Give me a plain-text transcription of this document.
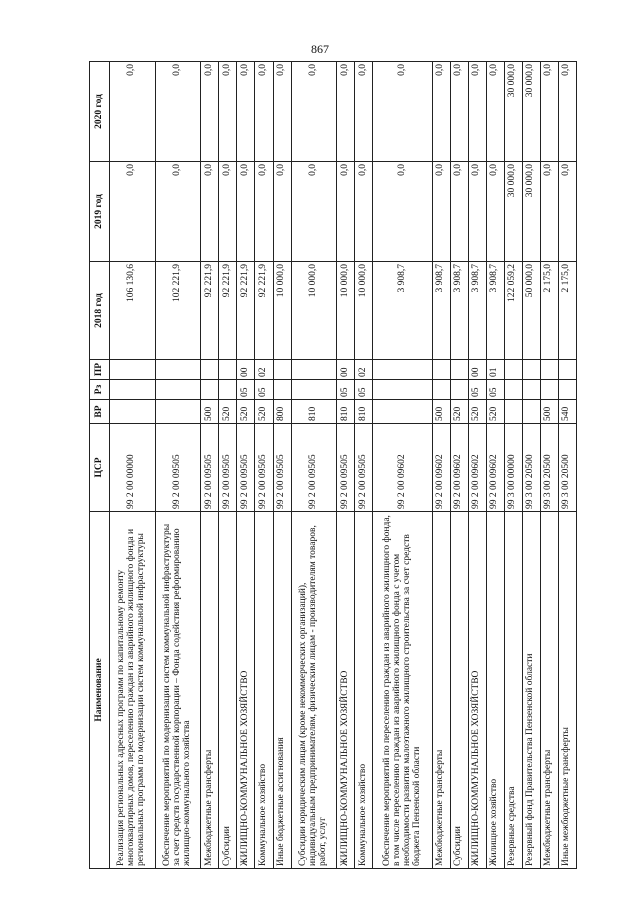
867
Наименование	ЦСР	ВР	Рз	ПР	2018 год	2019 год	2020 год
Реализация региональных адресных программ по капитальному ремонту многоквартирных домов, переселению граждан из аварийного жилищного фонда и региональных программ по модернизации систем коммунальной инфраструктуры	99 2 00 00000				106 130,6	0,0	0,0
Обеспечение мероприятий по модернизации систем коммунальной инфраструктуры за счет средств государственной корпорации – Фонда содействия реформированию жилищно-коммунального хозяйства	99 2 00 09505				102 221,9	0,0	0,0
Межбюджетные трансферты	99 2 00 09505	500			92 221,9	0,0	0,0
Субсидии	99 2 00 09505	520			92 221,9	0,0	0,0
ЖИЛИЩНО-КОММУНАЛЬНОЕ ХОЗЯЙСТВО	99 2 00 09505	520	05	00	92 221,9	0,0	0,0
Коммунальное хозяйство	99 2 00 09505	520	05	02	92 221,9	0,0	0,0
Иные бюджетные ассигнования	99 2 00 09505	800			10 000,0	0,0	0,0
Субсидии юридическим лицам (кроме некоммерческих организаций), индивидуальным предпринимателям, физическим лицам - производителям товаров, работ, услуг	99 2 00 09505	810			10 000,0	0,0	0,0
ЖИЛИЩНО-КОММУНАЛЬНОЕ ХОЗЯЙСТВО	99 2 00 09505	810	05	00	10 000,0	0,0	0,0
Коммунальное хозяйство	99 2 00 09505	810	05	02	10 000,0	0,0	0,0
Обеспечение мероприятий по переселению граждан из аварийного жилищного фонда, в том числе переселению граждан из аварийного жилищного фонда с учетом необходимости развития малоэтажного жилищного строительства за счет средств бюджета Пензенской области	99 2 00 09602				3 908,7	0,0	0,0
Межбюджетные трансферты	99 2 00 09602	500			3 908,7	0,0	0,0
Субсидии	99 2 00 09602	520			3 908,7	0,0	0,0
ЖИЛИЩНО-КОММУНАЛЬНОЕ ХОЗЯЙСТВО	99 2 00 09602	520	05	00	3 908,7	0,0	0,0
Жилищное хозяйство	99 2 00 09602	520	05	01	3 908,7	0,0	0,0
Резервные средства	99 3 00 00000				122 059,2	30 000,0	30 000,0
Резервный фонд Правительства Пензенской области	99 3 00 20500				50 000,0	30 000,0	30 000,0
Межбюджетные трансферты	99 3 00 20500	500			2 175,0	0,0	0,0
Иные межбюджетные трансферты	99 3 00 20500	540			2 175,0	0,0	0,0
